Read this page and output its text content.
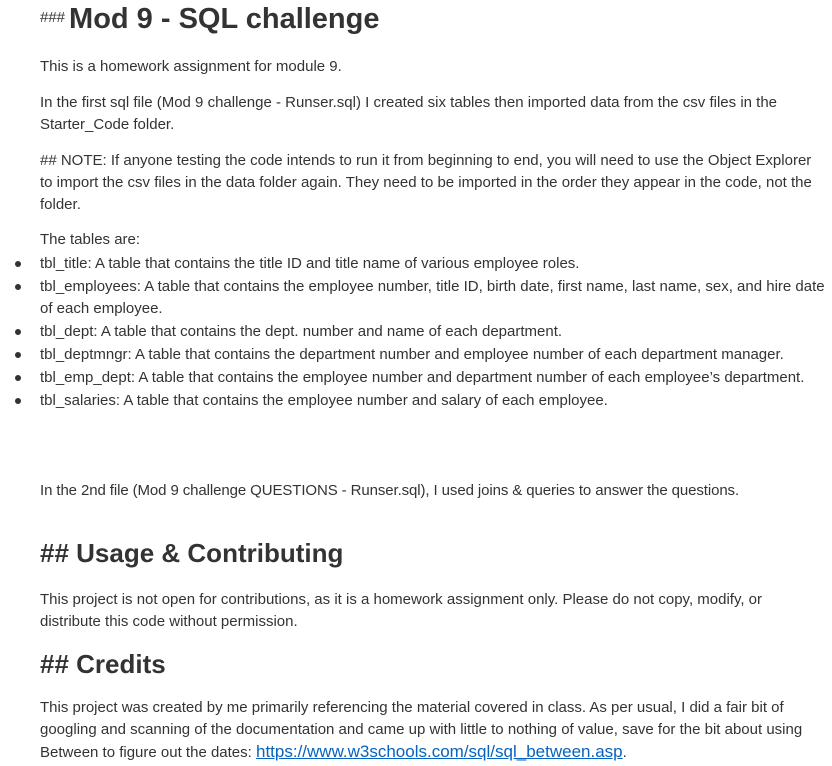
### Mod 9 - SQL challenge
This is a homework assignment for module 9.
In the first sql file (Mod 9 challenge - Runser.sql) I created six tables then imported data from the csv files in the Starter_Code folder.
## NOTE: If anyone testing the code intends to run it from beginning to end, you will need to use the Object Explorer to import the csv files in the data folder again. They need to be imported in the order they appear in the code, not the folder.
The tables are:
tbl_title: A table that contains the title ID and title name of various employee roles.
tbl_employees: A table that contains the employee number, title ID, birth date, first name, last name, sex, and hire date of each employee.
tbl_dept: A table that contains the dept. number and name of each department.
tbl_deptmngr: A table that contains the department number and employee number of each department manager.
tbl_emp_dept: A table that contains the employee number and department number of each employee’s department.
tbl_salaries: A table that contains the employee number and salary of each employee.
In the 2nd file (Mod 9 challenge QUESTIONS - Runser.sql), I used joins & queries to answer the questions.
## Usage & Contributing
This project is not open for contributions, as it is a homework assignment only. Please do not copy, modify, or distribute this code without permission.
## Credits
This project was created by me primarily referencing the material covered in class. As per usual, I did a fair bit of googling and scanning of the documentation and came up with little to nothing of value, save for the bit about using Between to figure out the dates: https://www.w3schools.com/sql/sql_between.asp.
